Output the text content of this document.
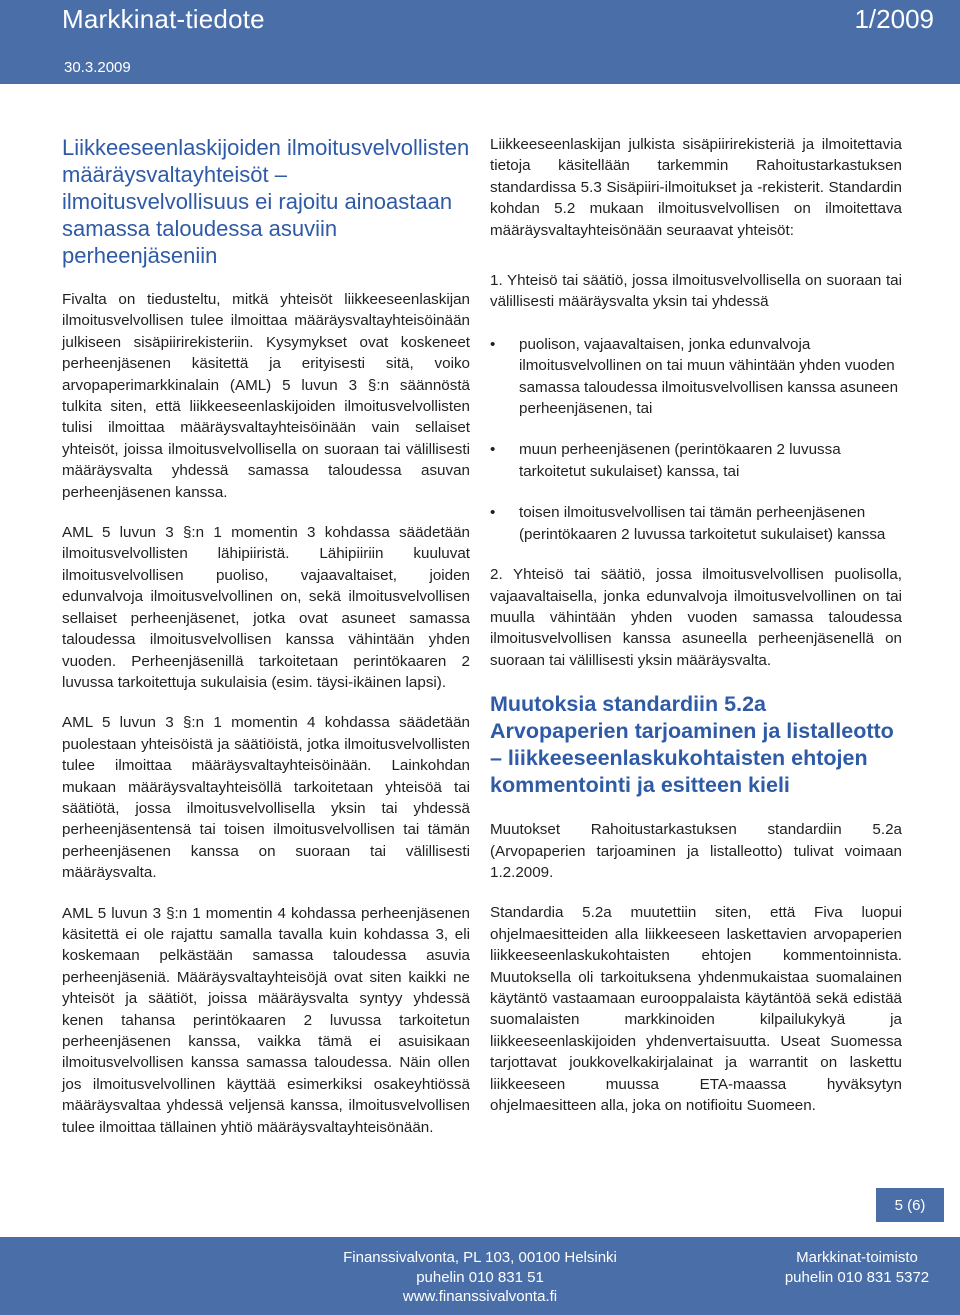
Markkinat-tiedote	1/2009
30.3.2009
Liikkeeseenlaskijoiden ilmoitusvelvollisten määräysvaltayhteisöt – ilmoitusvelvollisuus ei rajoitu ainoastaan samassa taloudessa asuviin perheenjäseniin

Fivalta on tiedusteltu, mitkä yhteisöt liikkeeseenlaskijan ilmoitusvelvollisen tulee ilmoittaa määräysvaltayhteisöinään julkiseen sisäpiirirekisteriin. Kysymykset ovat koskeneet perheenjäsenen käsitettä ja erityisesti sitä, voiko arvopaperimarkkinalain (AML) 5 luvun 3 §:n säännöstä tulkita siten, että liikkeeseenlaskijoiden ilmoitusvelvollisten tulisi ilmoittaa määräysvaltayhteisöinään vain sellaiset yhteisöt, joissa ilmoitusvelvollisella on suoraan tai välillisesti määräysvalta yhdessä samassa taloudessa asuvan perheenjäsenen kanssa.

AML 5 luvun 3 §:n 1 momentin 3 kohdassa säädetään ilmoitusvelvollisten lähipiiristä. Lähipiiriin kuuluvat ilmoitusvelvollisen puoliso, vajaavaltaiset, joiden edunvalvoja ilmoitusvelvollinen on, sekä ilmoitusvelvollisen sellaiset perheenjäsenet, jotka ovat asuneet samassa taloudessa ilmoitusvelvollisen kanssa vähintään yhden vuoden. Perheenjäsenillä tarkoitetaan perintökaaren 2 luvussa tarkoitettuja sukulaisia (esim. täysi-ikäinen lapsi).

AML 5 luvun 3 §:n 1 momentin 4 kohdassa säädetään puolestaan yhteisöistä ja säätiöistä, jotka ilmoitusvelvollisten tulee ilmoittaa määräysvaltayhteisöinään. Lainkohdan mukaan määräysvaltayhteisöllä tarkoitetaan yhteisöä tai säätiötä, jossa ilmoitusvelvollisella yksin tai yhdessä perheenjäsentensä tai toisen ilmoitusvelvollisen tai tämän perheenjäsenen kanssa on suoraan tai välillisesti määräysvalta.

AML 5 luvun 3 §:n 1 momentin 4 kohdassa perheenjäsenen käsitettä ei ole rajattu samalla tavalla kuin kohdassa 3, eli koskemaan pelkästään samassa taloudessa asuvia perheenjäseniä. Määräysvaltayhteisöjä ovat siten kaikki ne yhteisöt ja säätiöt, joissa määräysvalta syntyy yhdessä kenen tahansa perintökaaren 2 luvussa tarkoitetun perheenjäsenen kanssa, vaikka tämä ei asuisikaan ilmoitusvelvollisen kanssa samassa taloudessa. Näin ollen jos ilmoitusvelvollinen käyttää esimerkiksi osakeyhtiössä määräysvaltaa yhdessä veljensä kanssa, ilmoitusvelvollisen tulee ilmoittaa tällainen yhtiö määräysvaltayhteisönään.

Liikkeeseenlaskijan julkista sisäpiirirekisteriä ja ilmoitettavia tietoja käsitellään tarkemmin Rahoitustarkastuksen standardissa 5.3 Sisäpiiri-ilmoitukset ja -rekisterit. Standardin kohdan 5.2 mukaan ilmoitusvelvollisen on ilmoitettava määräysvaltayhteisönään seuraavat yhteisöt:

1. Yhteisö tai säätiö, jossa ilmoitusvelvollisella on suoraan tai välillisesti määräysvalta yksin tai yhdessä

• puolison, vajaavaltaisen, jonka edunvalvoja ilmoitusvelvollinen on tai muun vähintään yhden vuoden samassa taloudessa ilmoitusvelvollisen kanssa asuneen perheenjäsenen, tai
• muun perheenjäsenen (perintökaaren 2 luvussa tarkoitetut sukulaiset) kanssa, tai
• toisen ilmoitusvelvollisen tai tämän perheenjäsenen (perintökaaren 2 luvussa tarkoitetut sukulaiset) kanssa

2. Yhteisö tai säätiö, jossa ilmoitusvelvollisen puolisolla, vajaavaltaisella, jonka edunvalvoja ilmoitusvelvollinen on tai muulla vähintään yhden vuoden samassa taloudessa ilmoitusvelvollisen kanssa asuneella perheenjäsenellä on suoraan tai välillisesti yksin määräysvalta.

Muutoksia standardiin 5.2a Arvopaperien tarjoaminen ja listalleotto – liikkeeseenlaskukohtaisten ehtojen kommentointi ja esitteen kieli

Muutokset Rahoitustarkastuksen standardiin 5.2a (Arvopaperien tarjoaminen ja listalleotto) tulivat voimaan 1.2.2009.

Standardia 5.2a muutettiin siten, että Fiva luopui ohjelmaesitteiden alla liikkeeseen laskettavien arvopaperien liikkeeseenlaskukohtaisten ehtojen kommentoinnista. Muutoksella oli tarkoituksena yhdenmukaistaa suomalainen käytäntö vastaamaan eurooppalaista käytäntöä sekä edistää suomalaisten markkinoiden kilpailukykyä ja liikkeeseenlaskijoiden yhdenvertaisuutta. Useat Suomessa tarjottavat joukkovelkakirjalainat ja warrantit on laskettu liikkeeseen muussa ETA-maassa hyväksytyn ohjelmaesitteen alla, joka on notifioitu Suomeen.

5 (6)
Finanssivalvonta, PL 103, 00100 Helsinki
puhelin 010 831 51
www.finanssivalvonta.fi
Markkinat-toimisto
puhelin 010 831 5372
